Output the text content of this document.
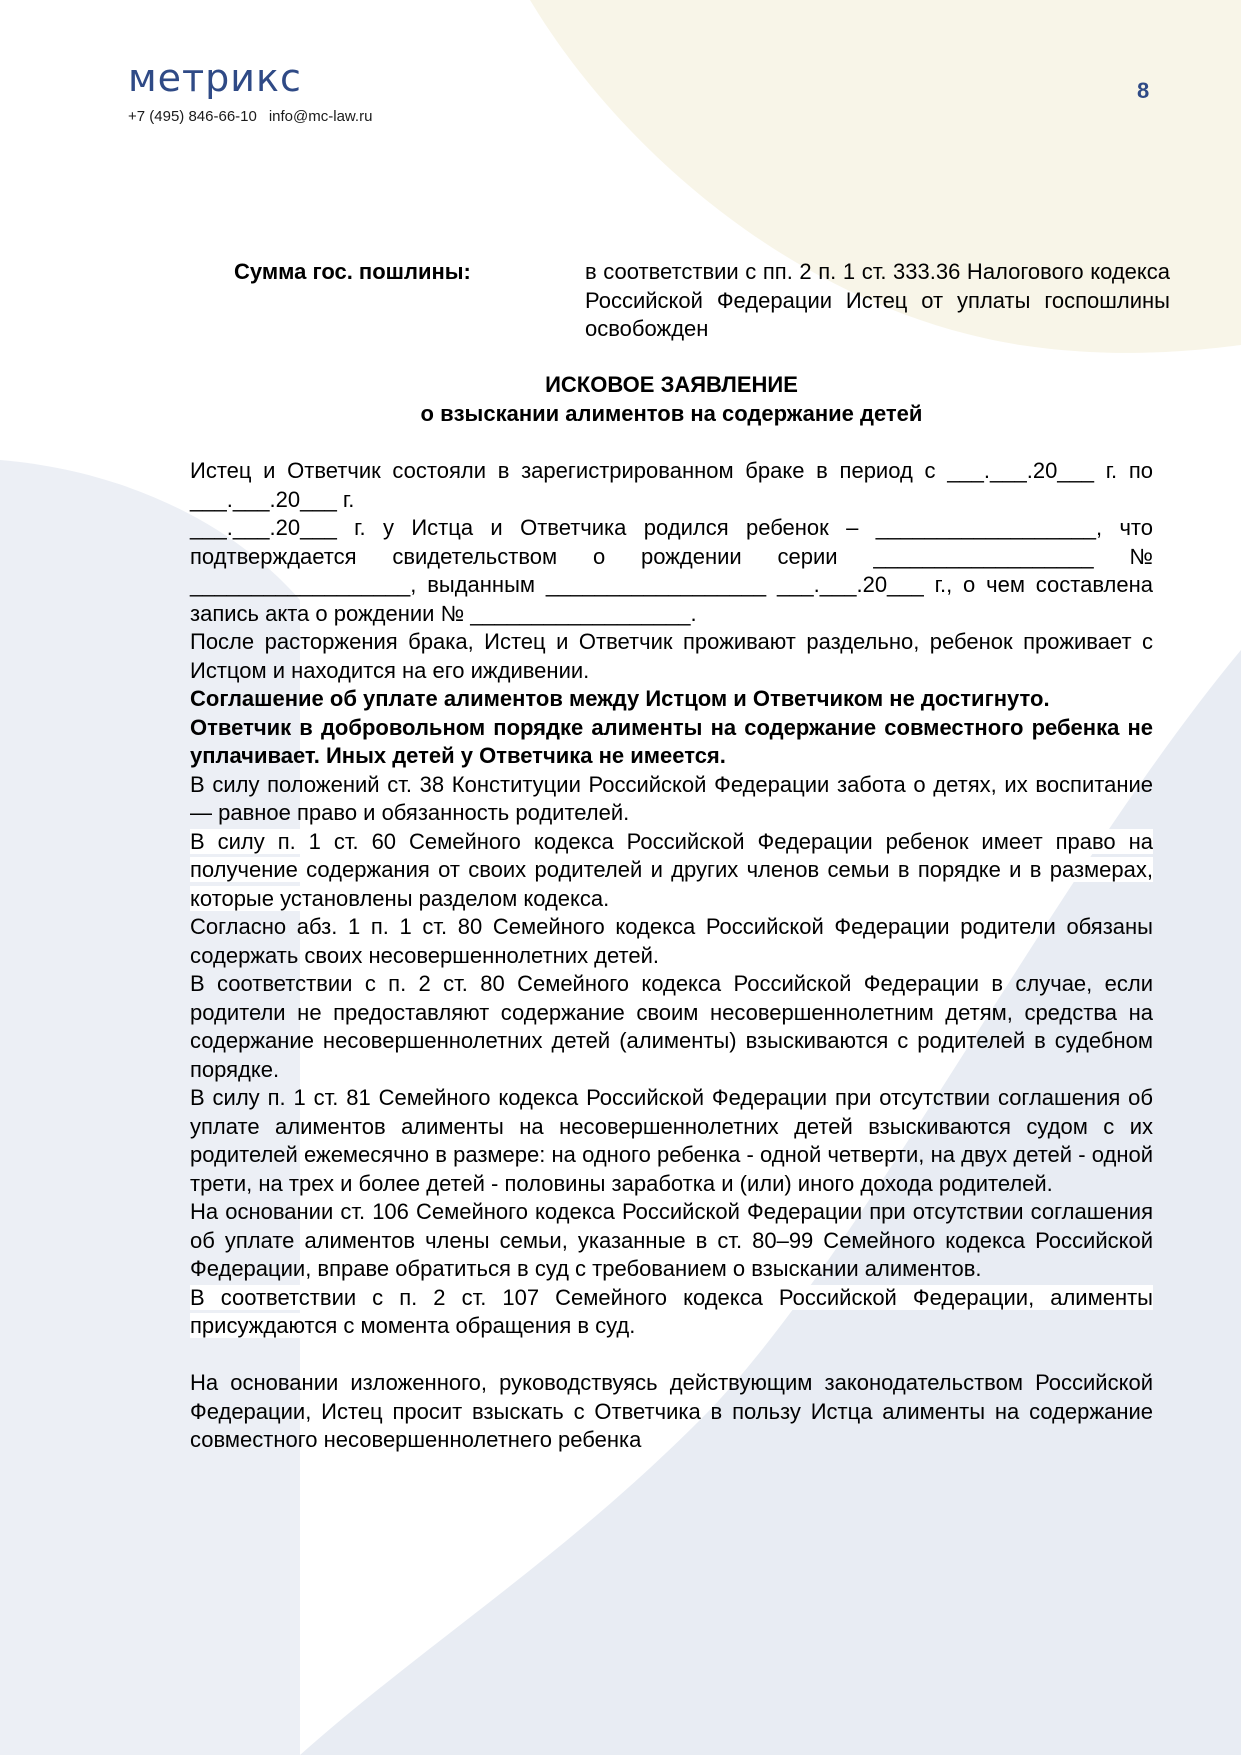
метрикс
+7 (495) 846-66-10 info@mc-law.ru
8
Сумма гос. пошлины:	в соответствии с пп. 2 п. 1 ст. 333.36 Налогового кодекса Российской Федерации Истец от уплаты госпошлины освобожден
ИСКОВОЕ ЗАЯВЛЕНИЕ
о взыскании алиментов на содержание детей

Истец и Ответчик состояли в зарегистрированном браке в период с ___.___.20___ г. по ___.___.20___ г.

___.___.20___ г. у Истца и Ответчика родился ребенок – __________________, что подтверждается свидетельством о рождении серии __________________ № __________________, выданным __________________ ___.___.20___ г., о чем составлена запись акта о рождении № __________________.

После расторжения брака, Истец и Ответчик проживают раздельно, ребенок проживает с Истцом и находится на его иждивении.

Соглашение об уплате алиментов между Истцом и Ответчиком не достигнуто.

Ответчик в добровольном порядке алименты на содержание совместного ребенка не уплачивает. Иных детей у Ответчика не имеется.

В силу положений ст. 38 Конституции Российской Федерации забота о детях, их воспитание — равное право и обязанность родителей.

В силу п. 1 ст. 60 Семейного кодекса Российской Федерации ребенок имеет право на получение содержания от своих родителей и других членов семьи в порядке и в размерах, которые установлены разделом кодекса.

Согласно абз. 1 п. 1 ст. 80 Семейного кодекса Российской Федерации родители обязаны содержать своих несовершеннолетних детей.

В соответствии с п. 2 ст. 80 Семейного кодекса Российской Федерации в случае, если родители не предоставляют содержание своим несовершеннолетним детям, средства на содержание несовершеннолетних детей (алименты) взыскиваются с родителей в судебном порядке.

В силу п. 1 ст. 81 Семейного кодекса Российской Федерации при отсутствии соглашения об уплате алиментов алименты на несовершеннолетних детей взыскиваются судом с их родителей ежемесячно в размере: на одного ребенка - одной четверти, на двух детей - одной трети, на трех и более детей - половины заработка и (или) иного дохода родителей.

На основании ст. 106 Семейного кодекса Российской Федерации при отсутствии соглашения об уплате алиментов члены семьи, указанные в ст. 80–99 Семейного кодекса Российской Федерации, вправе обратиться в суд с требованием о взыскании алиментов.

В соответствии с п. 2 ст. 107 Семейного кодекса Российской Федерации, алименты присуждаются с момента обращения в суд.

На основании изложенного, руководствуясь действующим законодательством Российской Федерации, Истец просит взыскать с Ответчика в пользу Истца алименты на содержание совместного несовершеннолетнего ребенка
